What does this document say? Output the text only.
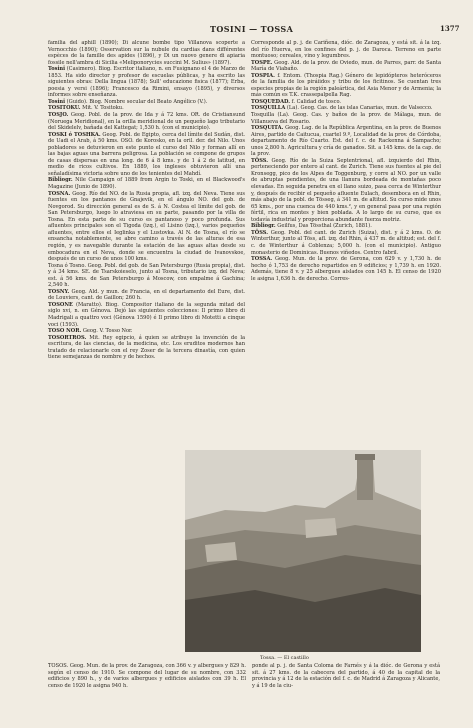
TOSINI — TOSSA	1377

familia del aphill (1890); Di alcune bombe tipo Villanova scoperte a Vernocchio (1890); Osservation sur la nubule du cardias dans différentes espèces de la famille des apides (1896), y Di un nuovo genere di apiaria fossile nell'ambra di Sicilia «Meliponorycies succini M. Sulius» (1897).

Tosini (Casimero). Biog. Escritor italiano, n. en Fusignano el 4 de Marzo de 1853. Ha sido director y profesor de escuelas públicas, y ha escrito las siguientes obras: Della lingua (1878); Sull' educazione fisica (1877); Erba, poesia y versi (1896); Francesco da Rimini, ensayo (1895), y diversos informes sobre enseñanza.

Tosini (Guido). Biog. Nombre secular del Beato Angélico (V.).

TOSITOKU. Mit. V. Tositoku.

TOSJO. Geog. Pobl. de la prov. de Ida y á 72 kms. OR. de Cristiansund (Noruega Meridional), en la orilla meridional de un pequeño lago tributario del Skidelelv, bañada del Kattegat; 1,530 h. (con el municipio).

TOSKI ó TOSHKA. Geog. Pobl. de Egipto, cerca del límite del Sudán, dist. de Uadi el Arab, á 50 kms. OSO. de Korosko, en la oril. der. del Nilo. Unos pobladores se detuvieron en este punto el curso del Nilo y forman allí en las bajas aguas una barrera peligrosa. La población se compone de grupos de casas dispersas en una long. de 6 á 8 kms. y de 1 á 2 de latitud, en medio de ricos cultivos. En 1889, los ingleses obtuvieron allí una señaladísima victoria sobre uno de los tenientes del Mahdí.

Bibliogr. Nile Campaign of 1889 from Argin to Toski, en el Blackwood's Magazine (Junio de 1890).

TOSNA. Geog. Río del NO. de la Rusia propia, afl. izq. del Neva. Tiene sus fuentes en los pantanos de Gnajevik, en el ángulo NO. del gob. de Novgorod. Su dirección general es de S. á N. Costea el límite del gob. de San Petersburgo, luego lo atraviesa en su parte, pasando por la villa de Tosna. En esta parte de su curso es pantanoso y poco profunda. Sus afluentes principales son el Tigoda (izq.), el Lisino (izq.), varios pequeños afluentes, entre ellos el Ieglinka y el Lustovka. Al N. de Tosna, el río se ensancha notablemente, se abre camino a través de las alturas de esa región, y es navegable durante la estación de las aguas altas desde su embocadura en el Neva, donde se encuentra la ciudad de Ivanovskoe, después de un curso de unos 100 kms.

Tosna ó Tosno. Geog. Pobl. del gob. de San Petersburgo (Rusia propia), dist. y á 34 kms. SE. de Tsarskoieselo, junto al Tosna, tributario izq. del Neva; est. á 56 kms. de San Petersburgo á Moscow, con empalme á Gachina; 2,540 h.

TOSNY. Geog. Ald. y mun. de Francia, en el departamento del Eure, dist. de Louviers, cant. de Gaillon; 260 h.

TOSONE (Maratto). Biog. Compositor italiano de la segunda mitad del siglo xvi, n. en Génova. Dejó las siguientes colecciones: Il primo libro di Madrigali a quattro voci (Génova 1590) é Il primo libro di Motetti a cinque voci (1593).

TOSO NOR. Geog. V. Tosso Nor.

TOSORTROS. Mit. Rey egipcio, á quien se atribuye la invención de la escritura, de las ciencias, de la medicina, etc. Los eruditos modernos han tratado de relacionarle con el rey Zoser de la tercera dinastía, con quien tiene semejanzas de nombre y de hechos.

Corresponde al p. j. de Cariñena, dióc. de Zaragoza, y está sit. á la izq. del río Huerva, en los confines del p. j. de Daroca. Terreno en parte montuoso; cereales, vino y legumbres.

TOSPE. Geog. Ald. de la prov. de Oviedo, mun. de Parres, parr. de Santa María de Viabaño.

TOSPIA. f. Entom. (Thospia Rag.) Género de lepidópteros heteróceros de la familia de los piráiidos y tribu de los ficitinos. Se cuentan tres especies propias de la región paleártica, del Asia Menor y de Armenia; la más común es T.K. crassepalpella Rag.

TOSQUEDAD. f. Calidad de tosco.

TOSQUILLA (La). Geog. Cas. de las islas Canarias, mun. de Valsecco.

Tosquilla (La). Geog. Cas. y baños de la prov. de Málaga, mun. de Villanueva del Rosario.

TOSQUITA. Geog. Lag. de la República Argentina, en la prov. de Buenos Aires, partido de Caitucua, cuartel 9.º, Localidad de la prov. de Córdoba, departamento de Río Cuarto. Est. del f. c. de Rackenna á Sampacho; unos 2,800 h. Agricultura y cría de ganados. Sit. a 145 kms. de la cap. de la prov.

TÖSS. Geog. Río de la Suiza Septentrional, afl. izquierdo del Rhin, perteneciendo por entero al cant. de Zurich. Tiene sus fuentes al pie del Kronsegg, pico de los Alpes de Toggenburg, y corre al NO. por un valle de abruptas pendientes, de una llanura bordeada de montañas poco elevadas. En seguida penetra en el llano suizo, pasa cerca de Winterthur y, después de recibir el pequeño afluente Eulach, desemboca en el Rhin, más abajo de la pobl. de Tösseg, á 341 m. de altitud. Su curso mide unos 65 kms., por una cuenca de 440 kms.², y en general pasa por una región fértil, rica en montes y bien poblada. A lo largo de su curso, que es todavía industrial y proporciona abundante fuerza motriz.

Bibliogr. Geilfus, Das Tössthal (Zurich, 1881).

TÖSS. Geog. Pobl. del cant. de Zurich (Suiza), dist. y á 2 kms. O. de Winterthur, junto al Töss, afl. izq. del Rhin, á 437 m. de altitud; est. del f. c. de Winterthur á Coblenza; 5,000 h. (con el municipio). Antiguo monasterio de Dominicas. Buenos viñedos. Centro fabril.

TOSSA. Geog. Mun. de la prov. de Gerona, con 629 v. y 1,730 h. de hecho ó 1,753 de derecho repartidos en 9 edificios; y 1,739 h. en 1920. Además, tiene 8 v. y 25 albergues aislados con 145 h. El censo de 1920 le asigna 1,636 h. de derecho. Corres-

Tossa. — El castillo
TOSOS. Geog. Mun. de la prov. de Zaragoza, con 366 v. y albergues y 829 h. según el censo de 1910. Se compone del lugar de su nombre, con 332 edificios y 890 h., y de varios albergues y edificios aislados con 39 h. El censo de 1920 le asigna 940 h.
ponde al p. j. de Santa Coloma de Farnés y á la dióc. de Gerona y está sit. á 27 kms. de la cabecera del partido, á 40 de la capital de la provincia y á 12 de la estación del f. c. de Madrid á Zaragoza y Alicante, y á 19 de la ciu-
